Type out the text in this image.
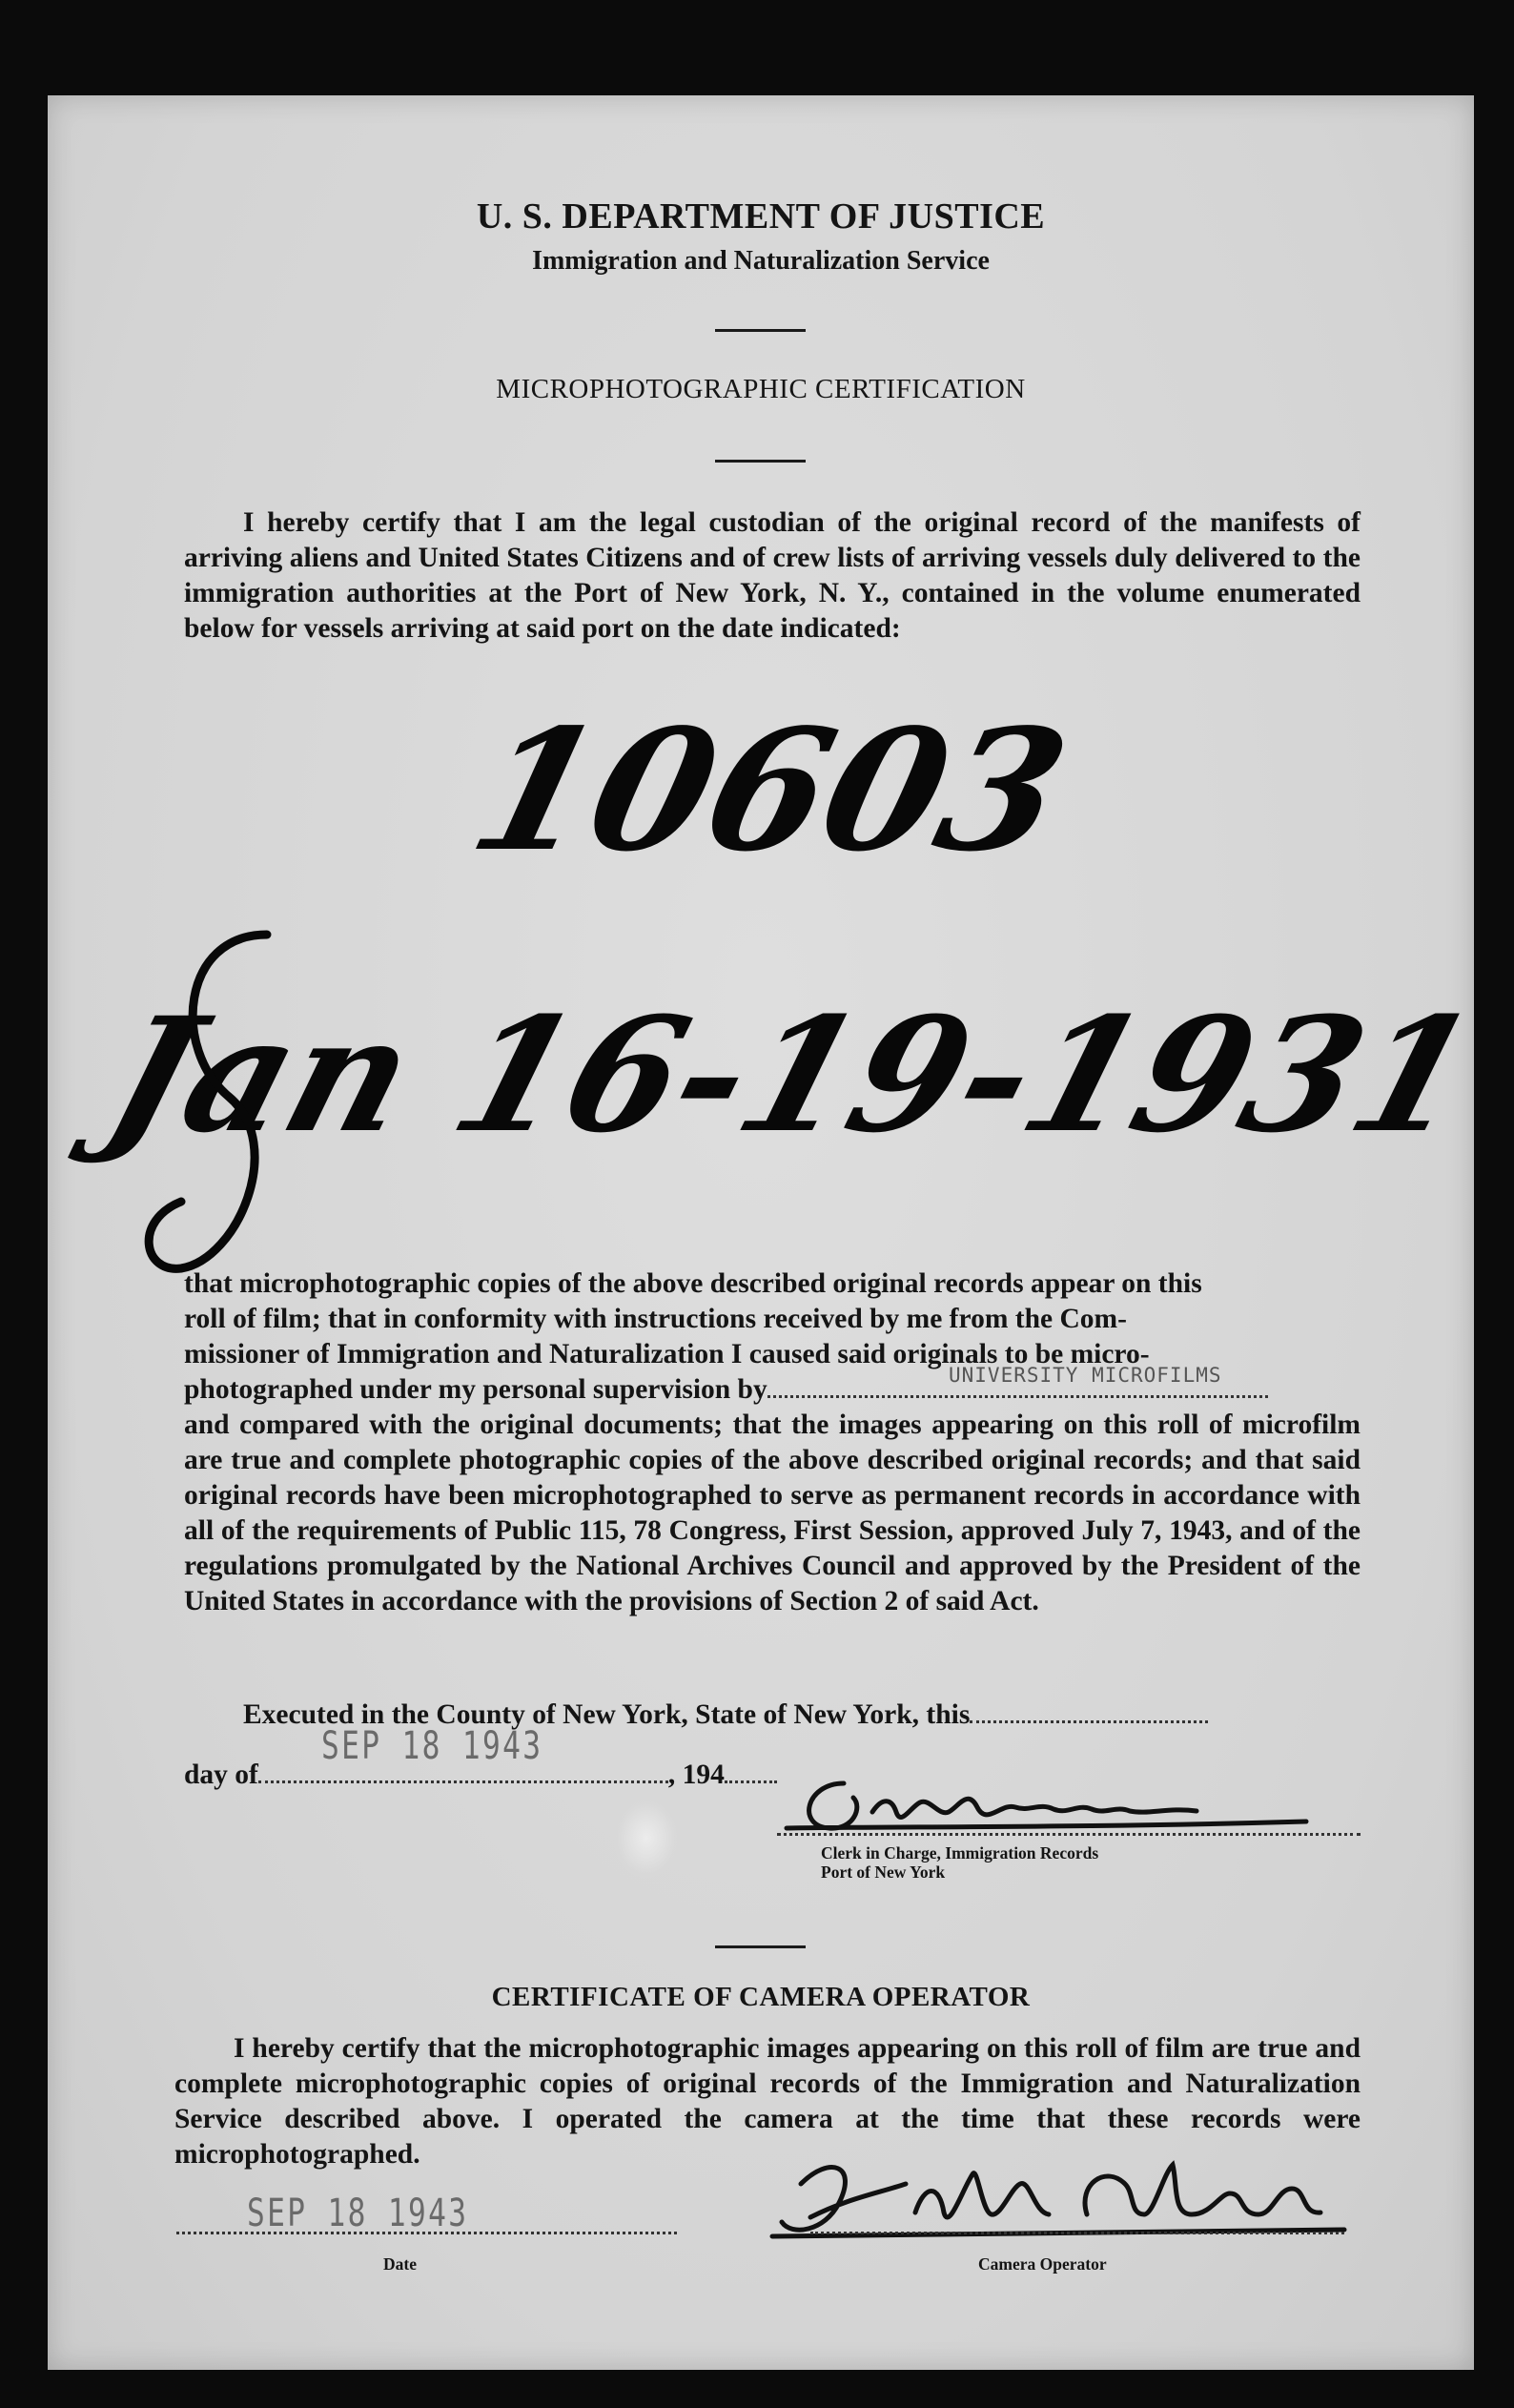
U. S. DEPARTMENT OF JUSTICE
Immigration and Naturalization Service
MICROPHOTOGRAPHIC CERTIFICATION
I hereby certify that I am the legal custodian of the original record of the manifests of arriving aliens and United States Citizens and of crew lists of arriving vessels duly delivered to the immigration authorities at the Port of New York, N. Y., contained in the volume enumerated below for vessels arriving at said port on the date indicated:
10603
Jan 16-19-1931
that microphotographic copies of the above described original records appear on this
roll of film; that in conformity with instructions received by me from the Com-
missioner of Immigration and Naturalization I caused said originals to be micro-
photographed under my personal supervision by
and compared with the original documents; that the images appearing on this roll of microfilm are true and complete photographic copies of the above described original records; and that said original records have been microphotographed to serve as permanent records in accordance with all of the requirements of Public 115, 78 Congress, First Session, approved July 7, 1943, and of the regulations promulgated by the National Archives Council and approved by the President of the United States in accordance with the provisions of Section 2 of said Act.
UNIVERSITY MICROFILMS
Executed in the County of New York, State of New York, this
SEP 18 1943
day of	, 194
Clerk in Charge, Immigration Records
Port of New York
CERTIFICATE OF CAMERA OPERATOR
I hereby certify that the microphotographic images appearing on this roll of film are true and complete microphotographic copies of original records of the Immigration and Naturalization Service described above. I operated the camera at the time that these records were microphotographed.
SEP 18 1943
Date	Camera Operator
